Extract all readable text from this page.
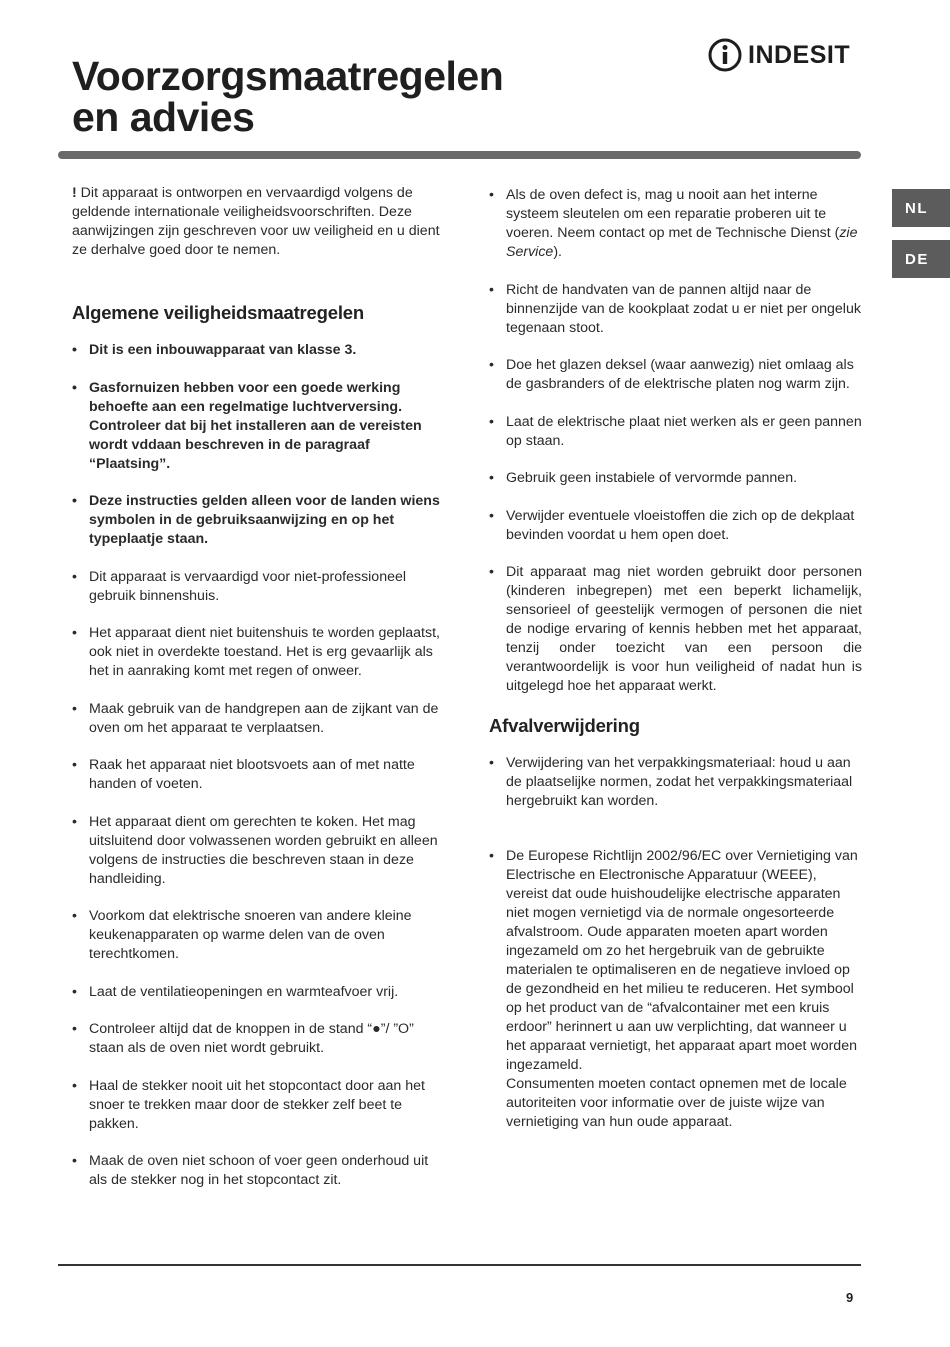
Voorzorgsmaatregelen
en advies
INDESIT
NL
DE

! Dit apparaat is ontworpen en vervaardigd volgens de geldende internationale veiligheidsvoorschriften. Deze aanwijzingen zijn geschreven voor uw veiligheid en u dient ze derhalve goed door te nemen.

Algemene veiligheidsmaatregelen
• Dit is een inbouwapparaat van klasse 3.
• Gasfornuizen hebben voor een goede werking behoefte aan een regelmatige luchtverversing. Controleer dat bij het installeren aan de vereisten wordt vddaan beschreven in de paragraaf “Plaatsing”.
• Deze instructies gelden alleen voor de landen wiens symbolen in de gebruiksaanwijzing en op het typeplaatje staan.
• Dit apparaat is vervaardigd voor niet-professioneel gebruik binnenshuis.
• Het apparaat dient niet buitenshuis te worden geplaatst, ook niet in overdekte toestand. Het is erg gevaarlijk als het in aanraking komt met regen of onweer.
• Maak gebruik van de handgrepen aan de zijkant van de oven om het apparaat te verplaatsen.
• Raak het apparaat niet blootsvoets aan of met natte handen of voeten.
• Het apparaat dient om gerechten te koken. Het mag uitsluitend door volwassenen worden gebruikt en alleen volgens de instructies die beschreven staan in deze handleiding.
• Voorkom dat elektrische snoeren van andere kleine keukenapparaten op warme delen van de oven terechtkomen.
• Laat de ventilatieopeningen en warmteafvoer vrij.
• Controleer altijd dat de knoppen in de stand “●”/ ”O” staan als de oven niet wordt gebruikt.
• Haal de stekker nooit uit het stopcontact door aan het snoer te trekken maar door de stekker zelf beet te pakken.
• Maak de oven niet schoon of voer geen onderhoud uit als de stekker nog in het stopcontact zit.
• Als de oven defect is, mag u nooit aan het interne systeem sleutelen om een reparatie proberen uit te voeren. Neem contact op met de Technische Dienst (zie Service).
• Richt de handvaten van de pannen altijd naar de binnenzijde van de kookplaat zodat u er niet per ongeluk tegenaan stoot.
• Doe het glazen deksel (waar aanwezig) niet omlaag als de gasbranders of de elektrische platen nog warm zijn.
• Laat de elektrische plaat niet werken als er geen pannen op staan.
• Gebruik geen instabiele of vervormde pannen.
• Verwijder eventuele vloeistoffen die zich op de dekplaat bevinden voordat u hem open doet.
• Dit apparaat mag niet worden gebruikt door personen (kinderen inbegrepen) met een beperkt lichamelijk, sensorieel of geestelijk vermogen of personen die niet de nodige ervaring of kennis hebben met het apparaat, tenzij onder toezicht van een persoon die verantwoordelijk is voor hun veiligheid of nadat hun is uitgelegd hoe het apparaat werkt.
Afvalverwijdering
• Verwijdering van het verpakkingsmateriaal: houd u aan de plaatselijke normen, zodat het verpakkingsmateriaal hergebruikt kan worden.
• De Europese Richtlijn 2002/96/EC over Vernietiging van Electrische en Electronische Apparatuur (WEEE), vereist dat oude huishoudelijke electrische apparaten niet mogen vernietigd via de normale ongesorteerde afvalstroom. Oude apparaten moeten apart worden ingezameld om zo het hergebruik van de gebruikte materialen te optimaliseren en de negatieve invloed op de gezondheid en het milieu te reduceren. Het symbool op het product van de “afvalcontainer met een kruis erdoor” herinnert u aan uw verplichting, dat wanneer u het apparaat vernietigt, het apparaat apart moet worden ingezameld.
Consumenten moeten contact opnemen met de locale autoriteiten voor informatie over de juiste wijze van vernietiging van hun oude apparaat.
9
